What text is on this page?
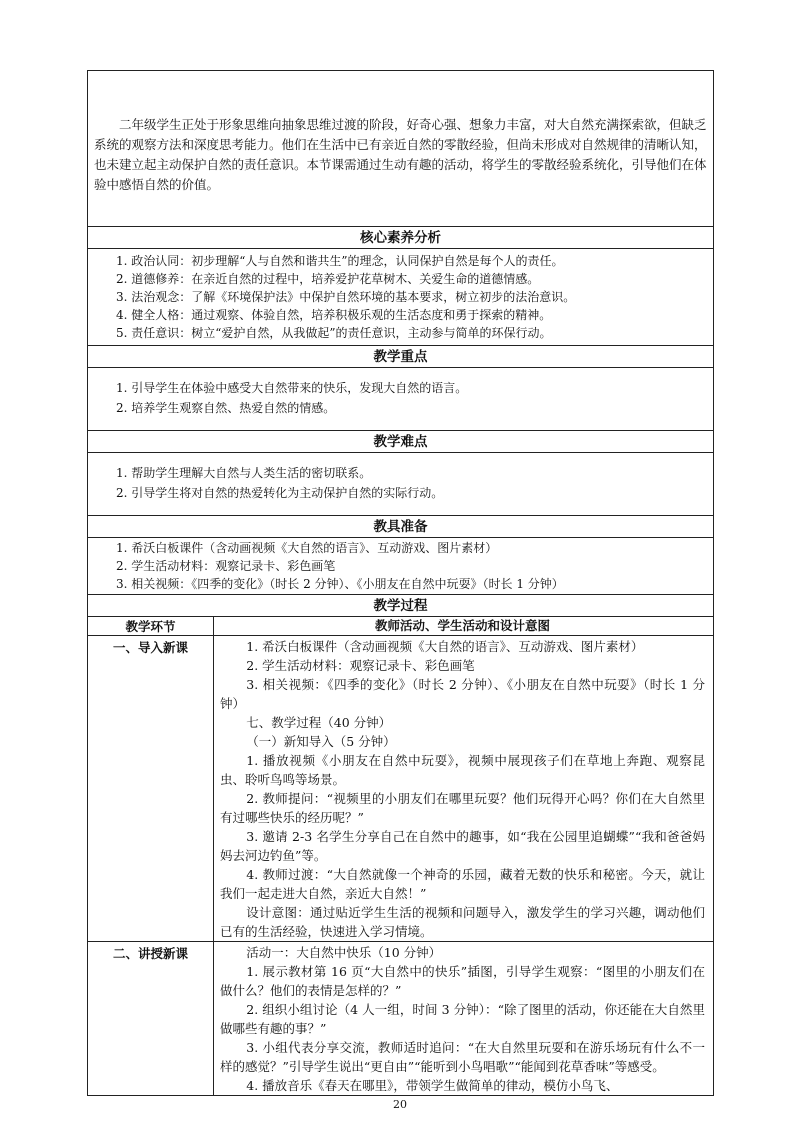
二年级学生正处于形象思维向抽象思维过渡的阶段，好奇心强、想象力丰富，对大自然充满探索欲，但缺乏系统的观察方法和深度思考能力。他们在生活中已有亲近自然的零散经验，但尚未形成对自然规律的清晰认知，也未建立起主动保护自然的责任意识。本节课需通过生动有趣的活动，将学生的零散经验系统化，引导他们在体验中感悟自然的价值。

核心素养分析
1. 政治认同：初步理解“人与自然和谐共生”的理念，认同保护自然是每个人的责任。
2. 道德修养：在亲近自然的过程中，培养爱护花草树木、关爱生命的道德情感。
3. 法治观念：了解《环境保护法》中保护自然环境的基本要求，树立初步的法治意识。
4. 健全人格：通过观察、体验自然，培养积极乐观的生活态度和勇于探索的精神。
5. 责任意识：树立“爱护自然，从我做起”的责任意识，主动参与简单的环保行动。
教学重点
1. 引导学生在体验中感受大自然带来的快乐，发现大自然的语言。
2. 培养学生观察自然、热爱自然的情感。
教学难点
1. 帮助学生理解大自然与人类生活的密切联系。
2. 引导学生将对自然的热爱转化为主动保护自然的实际行动。
教具准备
1. 希沃白板课件（含动画视频《大自然的语言》、互动游戏、图片素材）
2. 学生活动材料：观察记录卡、彩色画笔
3. 相关视频：《四季的变化》（时长 2 分钟）、《小朋友在自然中玩耍》（时长 1 分钟）
教学过程
教学环节	教师活动、学生活动和设计意图
一、导入新课	1. 希沃白板课件（含动画视频《大自然的语言》、互动游戏、图片素材）

2. 学生活动材料：观察记录卡、彩色画笔

3. 相关视频：《四季的变化》（时长 2 分钟）、《小朋友在自然中玩耍》（时长 1 分钟）

七、教学过程（40 分钟）

（一）新知导入（5 分钟）

1. 播放视频《小朋友在自然中玩耍》，视频中展现孩子们在草地上奔跑、观察昆虫、聆听鸟鸣等场景。

2. 教师提问：“视频里的小朋友们在哪里玩耍？他们玩得开心吗？你们在大自然里有过哪些快乐的经历呢？”

3. 邀请 2-3 名学生分享自己在自然中的趣事，如“我在公园里追蝴蝶”“我和爸爸妈妈去河边钓鱼”等。

4. 教师过渡：“大自然就像一个神奇的乐园，藏着无数的快乐和秘密。今天，就让我们一起走进大自然，亲近大自然！”

设计意图：通过贴近学生生活的视频和问题导入，激发学生的学习兴趣，调动他们已有的生活经验，快速进入学习情境。

二、讲授新课	活动一：大自然中快乐（10 分钟）

1. 展示教材第 16 页“大自然中的快乐”插图，引导学生观察：“图里的小朋友们在做什么？他们的表情是怎样的？”

2. 组织小组讨论（4 人一组，时间 3 分钟）：“除了图里的活动，你还能在大自然里做哪些有趣的事？”

3. 小组代表分享交流，教师适时追问：“在大自然里玩耍和在游乐场玩有什么不一样的感觉？”引导学生说出“更自由”“能听到小鸟唱歌”“能闻到花草香味”等感受。

4. 播放音乐《春天在哪里》，带领学生做简单的律动，模仿小鸟飞、

20
